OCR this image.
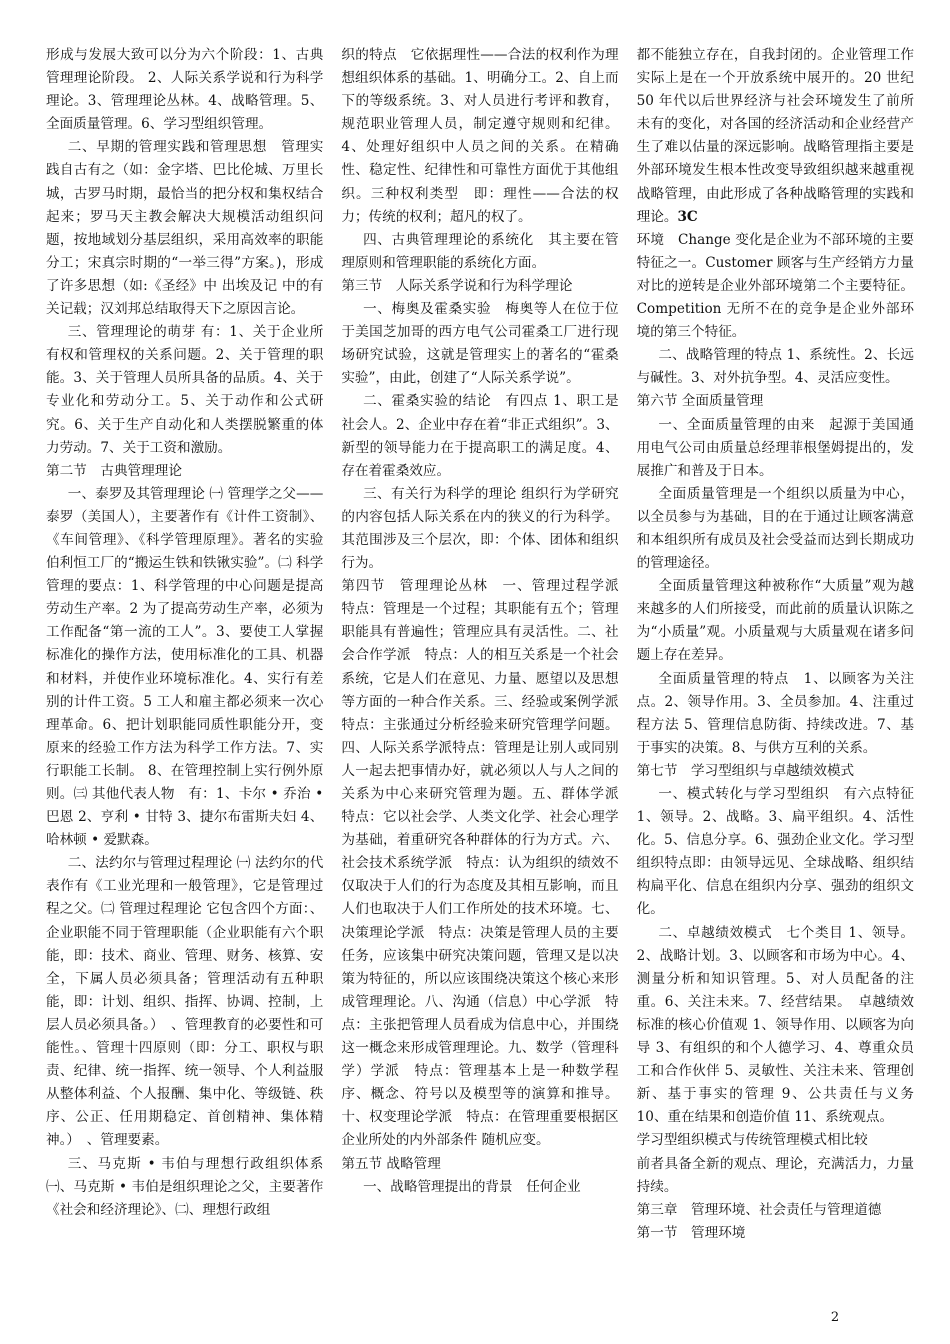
形成与发展大致可以分为六个阶段：1、古典管理理论阶段。 2、人际关系学说和行为科学理论。3、管理理论丛林。4、战略管理。5、全面质量管理。6、学习型组织管理。

二、早期的管理实践和管理思想　管理实践自古有之（如：金字塔、巴比伦城、万里长城，古罗马时期，最恰当的把分权和集权结合起来；罗马天主教会解决大规模活动组织问题，按地域划分基层组织，采用高效率的职能分工；宋真宗时期的“一举三得”方案。)，形成了许多思想（如:《圣经》中 出埃及记 中的有关记载；汉刘邦总结取得天下之原因言论。

三、管理理论的萌芽 有：1、关于企业所有权和管理权的关系问题。2、关于管理的职能。3、关于管理人员所具备的品质。4、关于专业化和劳动分工。5、关于动作和公式研究。6、关于生产自动化和人类摆脱繁重的体力劳动。7、关于工资和激励。

第二节　古典管理理论

一、泰罗及其管理理论 ㈠ 管理学之父——泰罗（美国人），主要著作有《计件工资制》、《车间管理》、《科学管理原理》。著名的实验伯利恒工厂的“搬运生铁和铁锹实验”。㈡ 科学管理的要点：1、科学管理的中心问题是提高劳动生产率。2 为了提高劳动生产率，必须为工作配备“第一流的工人”。3、要使工人掌握标准化的操作方法，使用标准化的工具、机器和材料，并使作业环境标准化。4、实行有差别的计件工资。5 工人和雇主都必须来一次心理革命。6、把计划职能同质性职能分开，变原来的经验工作方法为科学工作方法。7、实行职能工长制。 8、在管理控制上实行例外原则。㈢ 其他代表人物　有：1、卡尔 • 乔治 • 巴恩 2、亨利 • 甘特 3、捷尔布雷斯夫妇 4、哈林顿 • 爱默森。

二、法约尔与管理过程理论 ㈠ 法约尔的代表作有《工业光理和一般管理》，它是管理过程之父。㈡ 管理过程理论 它包含四个方面：、企业职能不同于管理职能（企业职能有六个职能，即：技术、商业、管理、财务、核算、安全，下属人员必须具备；管理活动有五种职能，即：计划、组织、指挥、协调、控制，上层人员必须具备。）　、管理教育的必要性和可能性。、管理十四原则（即：分工、职权与职责、纪律、统一指挥、统一领导、个人利益服从整体利益、个人报酬、集中化、等级链、秩序、公正、任用期稳定、首创精神、集体精神。）　、管理要素。

三、马克斯 • 韦伯与理想行政组织体系　㈠、马克斯 • 韦伯是组织理论之父，主要著作《社会和经济理论》、㈡、理想行政组

织的特点　它依据理性——合法的权利作为理想组织体系的基础。1、明确分工。2、自上而下的等级系统。3、对人员进行考评和教育，规范职业管理人员，制定遵守规则和纪律。4、处理好组织中人员之间的关系。在精确性、稳定性、纪律性和可靠性方面优于其他组织。三种权利类型　即：理性——合法的权力；传统的权利；超凡的权了。

四、古典管理理论的系统化　其主要在管理原则和管理职能的系统化方面。

第三节　人际关系学说和行为科学理论

一、梅奥及霍桑实验　梅奥等人在位于位于美国芝加哥的西方电气公司霍桑工厂进行现场研究试验，这就是管理实上的著名的“霍桑实验”，由此，创建了“人际关系学说”。

二、霍桑实验的结论　有四点 1、职工是社会人。2、企业中存在着“非正式组织”。3、新型的领导能力在于提高职工的满足度。4、存在着霍桑效应。

三、有关行为科学的理论 组织行为学研究的内容包括人际关系在内的狭义的行为科学。其范围涉及三个层次，即：个体、团体和组织行为。

第四节　管理理论丛林　一、管理过程学派　特点：管理是一个过程；其职能有五个；管理职能具有普遍性；管理应具有灵活性。二、社会合作学派　特点：人的相互关系是一个社会系统，它是人们在意见、力量、愿望以及思想等方面的一种合作关系。三、经验或案例学派　特点：主张通过分析经验来研究管理学问题。四、人际关系学派特点：管理是让别人或同别人一起去把事情办好，就必须以人与人之间的关系为中心来研究管理为题。五、群体学派　特点：它以社会学、人类文化学、社会心理学为基础，着重研究各种群体的行为方式。六、社会技术系统学派　特点：认为组织的绩效不仅取决于人们的行为态度及其相互影响，而且人们也取决于人们工作所处的技术环境。七、决策理论学派　特点：决策是管理人员的主要任务，应该集中研究决策问题，管理又是以决策为特征的，所以应该围绕决策这个核心来形成管理理论。八、沟通（信息）中心学派　特点：主张把管理人员看成为信息中心，并围绕这一概念来形成管理理论。九、数学（管理科学）学派　特点：管理基本上是一种数学程序、概念、符号以及模型等的演算和推导。十、权变理论学派　特点：在管理重要根据区企业所处的内外部条件 随机应变。

第五节 战略管理

一、战略管理提出的背景　任何企业

都不能独立存在，自我封闭的。企业管理工作实际上是在一个开放系统中展开的。20 世纪 50 年代以后世界经济与社会环境发生了前所未有的变化，对各国的经济活动和企业经营产生了难以估量的深远影响。战略管理指主要是外部环境发生根本性改变导致组织越来越重视战略管理，由此形成了各种战略管理的实践和理论。3C

环境　Change 变化是企业为不部环境的主要特征之一。Customer 顾客与生产经销方力量对比的逆转是企业外部环境第二个主要特征。Competition 无所不在的竞争是企业外部环境的第三个特征。

二、战略管理的特点 1、系统性。2、长远与碱性。3、对外抗争型。4、灵活应变性。

第六节 全面质量管理

一、全面质量管理的由来　起源于美国通用电气公司由质量总经理菲根堡姆提出的，发展推广和普及于日本。

全面质量管理是一个组织以质量为中心，以全员参与为基础，目的在于通过让顾客满意和本组织所有成员及社会受益而达到长期成功的管理途径。

全面质量管理这种被称作“大质量”观为越来越多的人们所接受，而此前的质量认识陈之为“小质量”观。小质量观与大质量观在诸多问题上存在差异。

全面质量管理的特点　1、以顾客为关注点。2、领导作用。3、全员参加。4、注重过程方法 5、管理信息防街、持续改进。7、基于事实的决策。8、与供方互利的关系。

第七节　学习型组织与卓越绩效模式

一、模式转化与学习型组织　有六点特征 1、领导。2、战略。3、扁平组织。4、活性化。5、信息分享。6、强劲企业文化。学习型组织特点即：由领导远见、全球战略、组织结构扁平化、信息在组织内分享、强劲的组织文化。

二、卓越绩效模式　七个类目 1、领导。2、战略计划。3、以顾客和市场为中心。4、测量分析和知识管理。5、对人员配备的注重。6、关注未来。7、经营结果。　卓越绩效标准的核心价值观 1、领导作用、以顾客为向导 3、有组织的和个人德学习、4、尊重众员工和合作伙伴 5、灵敏性、关注未来、管理创新、基于事实的管理 9、公共责任与义务 10、重在结果和创造价值 11、系统观点。

学习型组织模式与传统管理模式相比较

前者具备全新的观点、理论，充满活力，力量持续。

第三章　管理环境、社会责任与管理道德

第一节　管理环境

2
